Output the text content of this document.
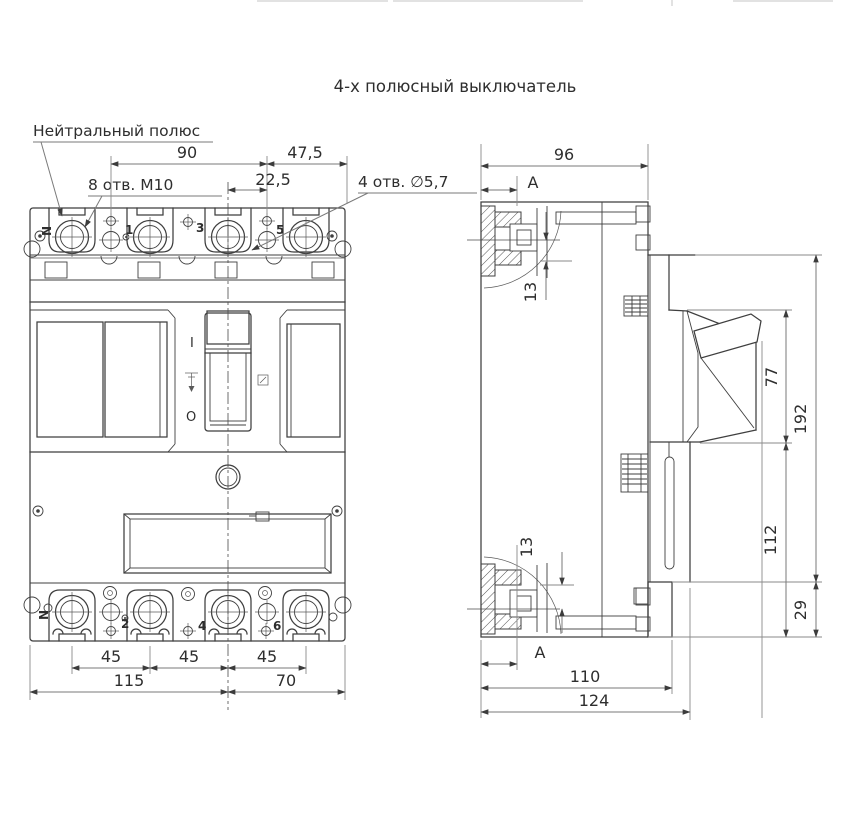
4-х полюсный выключатель
N	1	3	5
I
O
N
2	4	6
Нейтральный полюс
8 отв. М10	4 отв. ∅5,7
90	47,5
22,5
45	45	45
115	70
96
А
13
13
А
77
112
192
29
110
124
